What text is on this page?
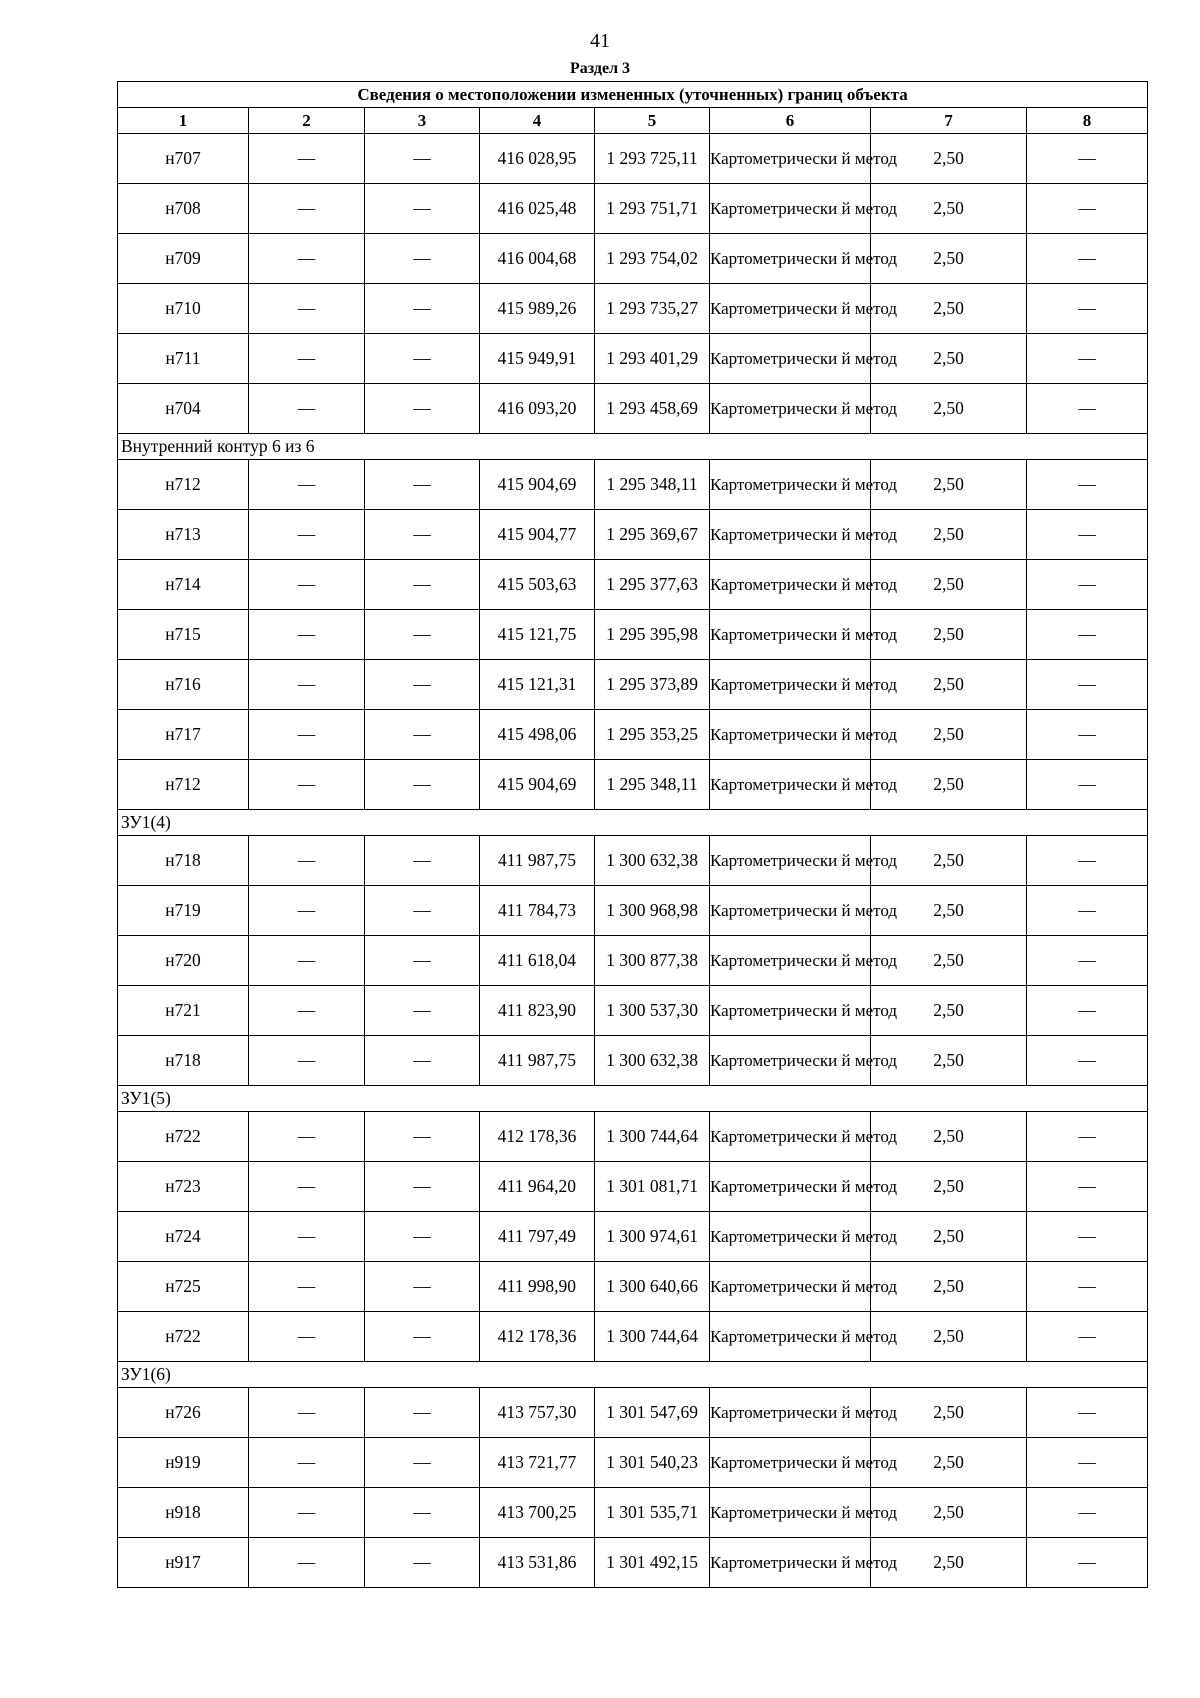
41
Раздел 3
Сведения о местоположении измененных (уточненных) границ объекта							
1	2	3	4	5	6	7	8
н707	—	—	416 028,95	1 293 725,11	Картометрически й метод	2,50	—
н708	—	—	416 025,48	1 293 751,71	Картометрически й метод	2,50	—
н709	—	—	416 004,68	1 293 754,02	Картометрически й метод	2,50	—
н710	—	—	415 989,26	1 293 735,27	Картометрически й метод	2,50	—
н711	—	—	415 949,91	1 293 401,29	Картометрически й метод	2,50	—
н704	—	—	416 093,20	1 293 458,69	Картометрически й метод	2,50	—
Внутренний контур 6 из 6							
н712	—	—	415 904,69	1 295 348,11	Картометрически й метод	2,50	—
н713	—	—	415 904,77	1 295 369,67	Картометрически й метод	2,50	—
н714	—	—	415 503,63	1 295 377,63	Картометрически й метод	2,50	—
н715	—	—	415 121,75	1 295 395,98	Картометрически й метод	2,50	—
н716	—	—	415 121,31	1 295 373,89	Картометрически й метод	2,50	—
н717	—	—	415 498,06	1 295 353,25	Картометрически й метод	2,50	—
н712	—	—	415 904,69	1 295 348,11	Картометрически й метод	2,50	—
ЗУ1(4)							
н718	—	—	411 987,75	1 300 632,38	Картометрически й метод	2,50	—
н719	—	—	411 784,73	1 300 968,98	Картометрически й метод	2,50	—
н720	—	—	411 618,04	1 300 877,38	Картометрически й метод	2,50	—
н721	—	—	411 823,90	1 300 537,30	Картометрически й метод	2,50	—
н718	—	—	411 987,75	1 300 632,38	Картометрически й метод	2,50	—
ЗУ1(5)							
н722	—	—	412 178,36	1 300 744,64	Картометрически й метод	2,50	—
н723	—	—	411 964,20	1 301 081,71	Картометрически й метод	2,50	—
н724	—	—	411 797,49	1 300 974,61	Картометрически й метод	2,50	—
н725	—	—	411 998,90	1 300 640,66	Картометрически й метод	2,50	—
н722	—	—	412 178,36	1 300 744,64	Картометрически й метод	2,50	—
ЗУ1(6)							
н726	—	—	413 757,30	1 301 547,69	Картометрически й метод	2,50	—
н919	—	—	413 721,77	1 301 540,23	Картометрически й метод	2,50	—
н918	—	—	413 700,25	1 301 535,71	Картометрически й метод	2,50	—
н917	—	—	413 531,86	1 301 492,15	Картометрически й метод	2,50	—
